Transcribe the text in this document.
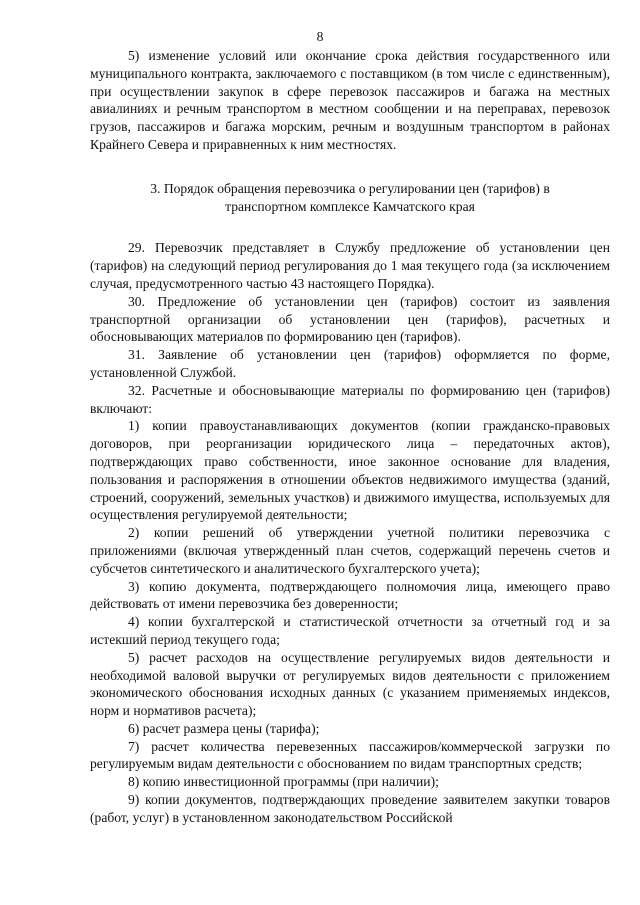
8

5) изменение условий или окончание срока действия государственного или муниципального контракта, заключаемого с поставщиком (в том числе с единственным), при осуществлении закупок в сфере перевозок пассажиров и багажа на местных авиалиниях и речным транспортом в местном сообщении и на переправах, перевозок грузов, пассажиров и багажа морским, речным и воздушным транспортом в районах Крайнего Севера и приравненных к ним местностях.

3. Порядок обращения перевозчика о регулировании цен (тарифов) в

транспортном комплексе Камчатского края

29. Перевозчик представляет в Службу предложение об установлении цен (тарифов) на следующий период регулирования до 1 мая текущего года (за исключением случая, предусмотренного частью 43 настоящего Порядка).

30. Предложение об установлении цен (тарифов) состоит из заявления транспортной организации об установлении цен (тарифов), расчетных и обосновывающих материалов по формированию цен (тарифов).

31. Заявление об установлении цен (тарифов) оформляется по форме, установленной Службой.

32. Расчетные и обосновывающие материалы по формированию цен (тарифов) включают:

1) копии правоустанавливающих документов (копии гражданско-правовых договоров, при реорганизации юридического лица – передаточных актов), подтверждающих право собственности, иное законное основание для владения, пользования и распоряжения в отношении объектов недвижимого имущества (зданий, строений, сооружений, земельных участков) и движимого имущества, используемых для осуществления регулируемой деятельности;

2) копии решений об утверждении учетной политики перевозчика с приложениями (включая утвержденный план счетов, содержащий перечень счетов и субсчетов синтетического и аналитического бухгалтерского учета);

3) копию документа, подтверждающего полномочия лица, имеющего право действовать от имени перевозчика без доверенности;

4) копии бухгалтерской и статистической отчетности за отчетный год и за истекший период текущего года;

5) расчет расходов на осуществление регулируемых видов деятельности и необходимой валовой выручки от регулируемых видов деятельности с приложением экономического обоснования исходных данных (с указанием применяемых индексов, норм и нормативов расчета);

6) расчет размера цены (тарифа);

7) расчет количества перевезенных пассажиров/коммерческой загрузки по регулируемым видам деятельности с обоснованием по видам транспортных средств;

8) копию инвестиционной программы (при наличии);

9) копии документов, подтверждающих проведение заявителем закупки товаров (работ, услуг) в установленном законодательством Российской
